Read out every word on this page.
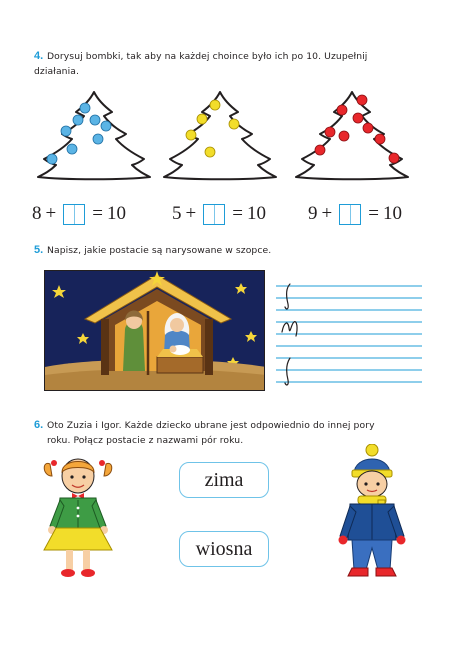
4. Dorysuj bombki, tak aby na każdej choince było ich po 10. Uzupełnij
działania.
8 + = 10 5 + = 10 9 + = 10
5. Napisz, jakie postacie są narysowane w szopce.
6. Oto Zuzia i Igor. Każde dziecko ubrane jest odpowiednio do innej pory
roku. Połącz postacie z nazwami pór roku.
zima
wiosna
